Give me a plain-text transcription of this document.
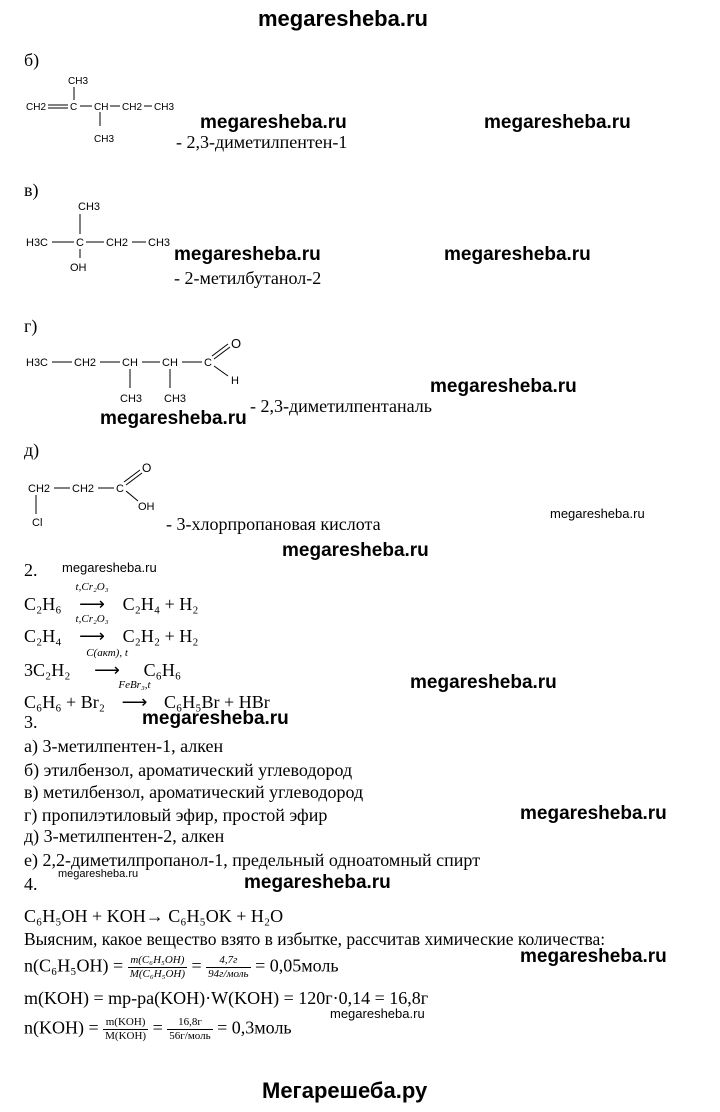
megaresheba.ru
б)
CH3
CH2 C CH
CH3
CH2 CH3
megaresheba.ru	megaresheba.ru
- 2,3-диметилпентен-1
в)
CH3
H3C	C CH2 CH3
OH
megaresheba.ru	megaresheba.ru
- 2-метилбутанол-2
г)
H3C CH2 CH
CH3
CH
CH3
C
O
H	megaresheba.ru
- 2,3-диметилпентаналь
megaresheba.ru
д)
CH2 CH2 C
O
OH
Cl
megaresheba.ru
- 3-хлорпропановая кислота
megaresheba.ru
2. megaresheba.ru
C₂H₆
t,Cr₂O₃
⟶ C₂H₄ + H₂
C₂H₄
t,Cr₂O₃
⟶ C₂H₂ + H₂
3C₂H₂
C(акт), t
⟶ C₆H₆
C₆H₆ + Br₂
FeBr₃,t
⟶ C₆H₅Br + HBr
megaresheba.ru
3.	megaresheba.ru
а) 3-метилпентен-1, алкен
б) этилбензол, ароматический углеводород
в) метилбензол, ароматический углеводород
г) пропилэтиловый эфир, простой эфир	megaresheba.ru
д) 3-метилпентен-2, алкен
е) 2,2-диметилпропанол-1, предельный одноатомный спирт
4. megaresheba.ru	megaresheba.ru
C₆H₅OH + KOH→ C₆H₅OK + H₂O
Выясним, какое вещество взято в избытке, рассчитав химические количества:
$n(C_6H_5OH) = \frac{\text{m(C₆H₅OH)}}{\text{M(C₆H₅OH)}} = \frac{4,7г}{\text{94г/моль}}$ = 0,05моль	megaresheba.ru
m(KOH) = mр-ра(KOH)·W(KOH) = 120г·0,14 = 16,8г
megaresheba.ru
$n(KOH) = \frac{\text{m(KOH)}}{\text{M(KOH)}} = \frac{16,8г}{\text{56г/моль}}$ = 0,3моль
Мегарешеба.ру
